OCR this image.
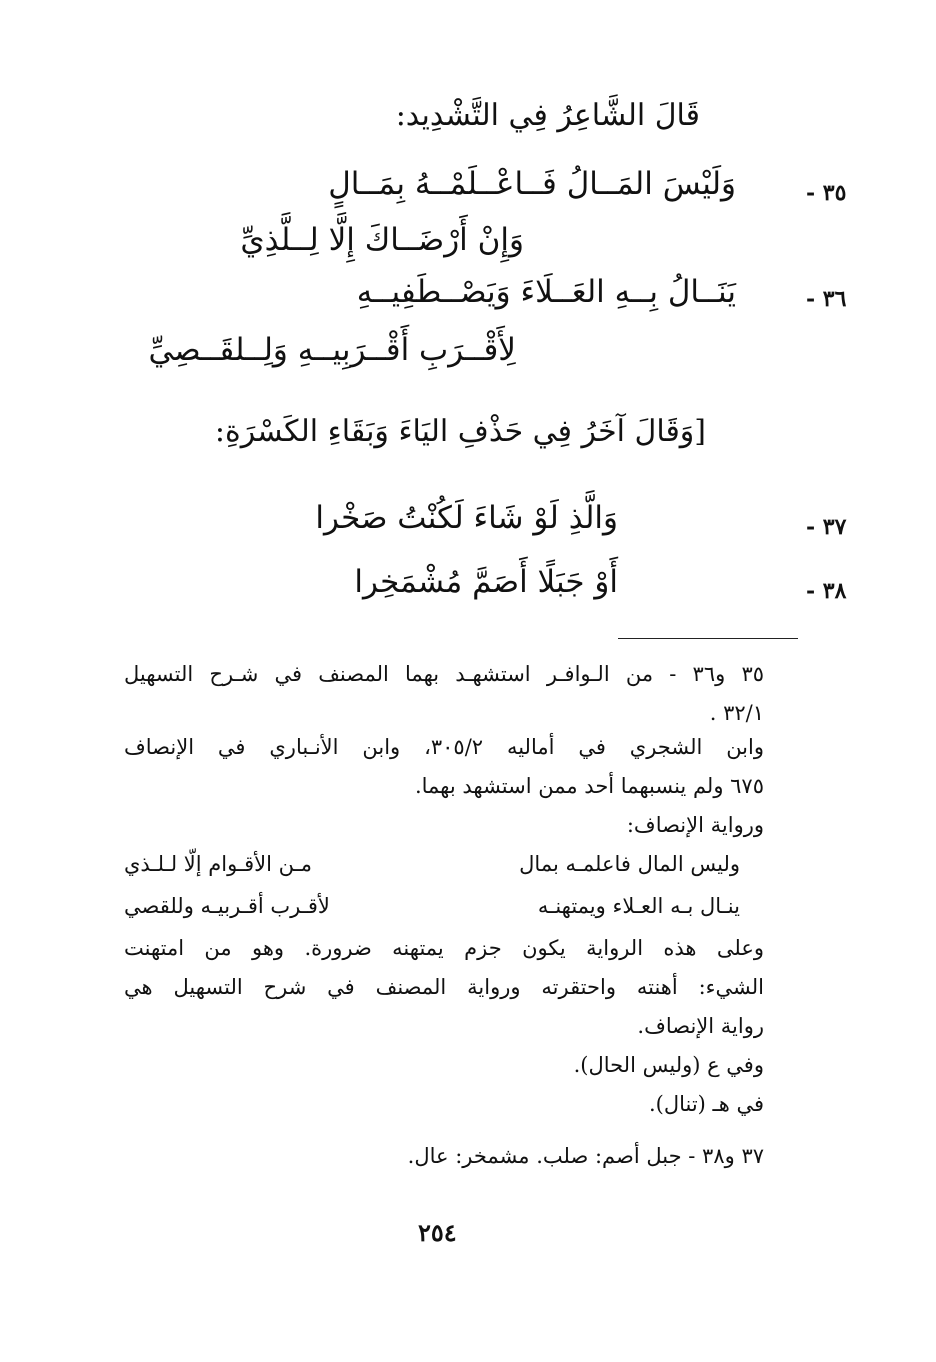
قَالَ الشَّاعِرُ فِي التَّشْدِيد:
٣٥ -
وَلَيْسَ المَــالُ فَــاعْــلَمْــهُ بِمَــالٍ
وَإِنْ أَرْضَــاكَ إِلَّا لِــلَّذِيِّ
٣٦ -
يَنَــالُ بِــهِ العَــلَاءَ وَيَصْــطَفِيــهِ
لِأَقْــرَبِ أَقْــرَبِيــهِ وَلِــلقَــصِيِّ
[وَقَالَ آخَرُ فِي حَذْفِ اليَاءَ وَبَقَاءِ الكَسْرَةِ:
٣٧ -
وَالَّذِ لَوْ شَاءَ لَكُنْتُ صَخْرا
٣٨ -
أَوْ جَبَلًا أَصَمَّ مُشْمَخِرا
٣٥ و٣٦ - من الـوافـر استشهـد بهما المصنف في شـرح التسهيل
٣٢/١ .
وابن الشجري في أماليه ٣٠٥/٢، وابن الأنـباري في الإنصاف
٦٧٥ ولم ينسبهما أحد ممن استشهد بهما.
ورواية الإنصاف:
وليس المال فاعلمـه بمال
مـن الأقـوام إلّا لـلـذي
ينـال بـه العـلاء ويمتهنـه
لأقـرب أقـربيـه وللقصي
وعلى هذه الرواية يكون جزم يمتهنه ضرورة. وهو من امتهنت
الشيء: أهنته واحتقرته ورواية المصنف في شرح التسهيل هي
رواية الإنصاف.
وفي ع (وليس الحال).
في هـ (تنال).
٣٧ و٣٨ - جبل أصم: صلب. مشمخر: عال.
٢٥٤
